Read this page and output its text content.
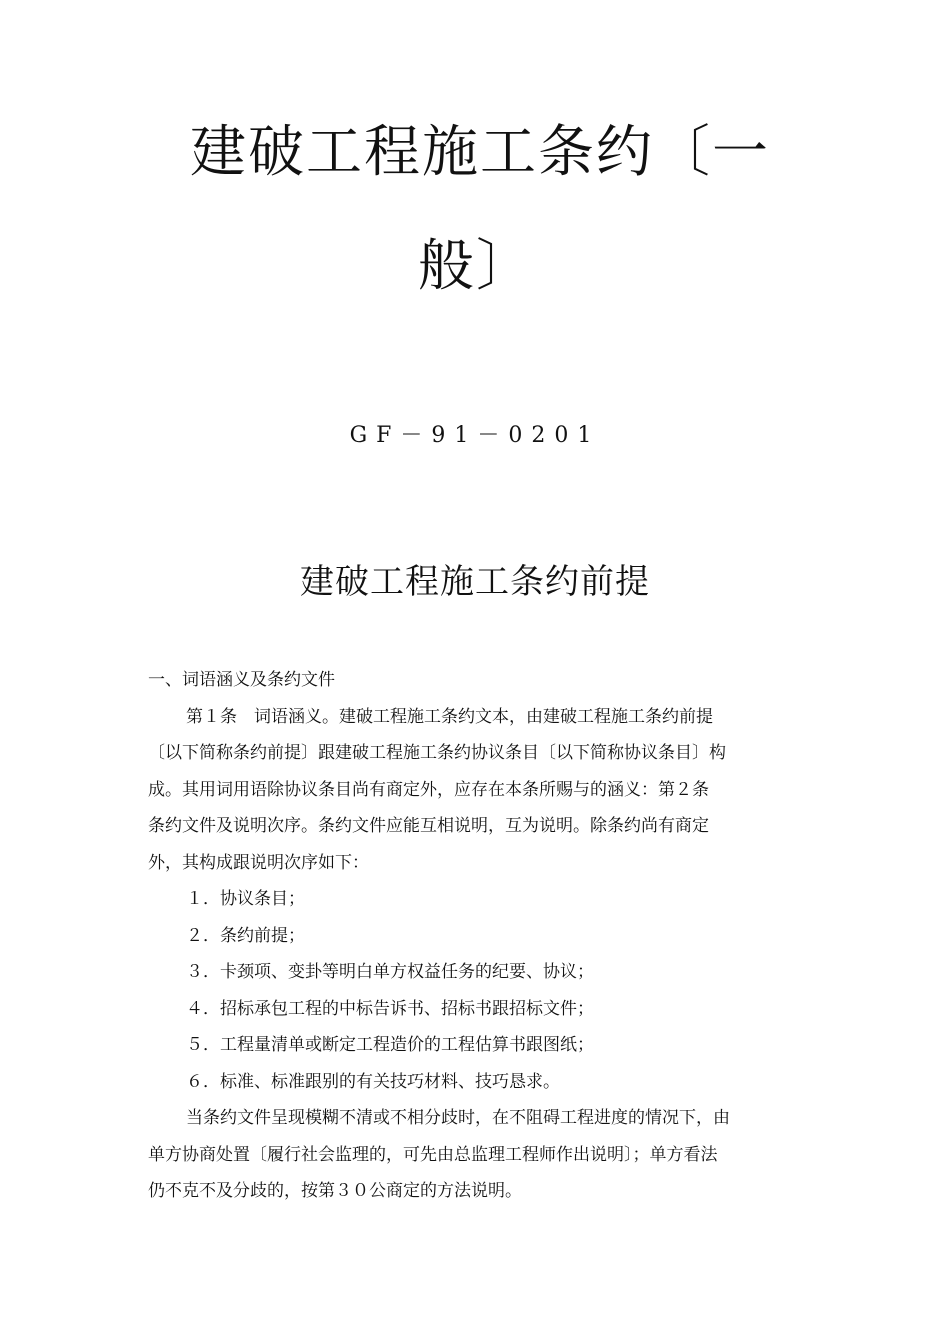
建破工程施工条约〔一
般〕
GF－91－0201
建破工程施工条约前提
一、词语涵义及条约文件
第１条　词语涵义。建破工程施工条约文本，由建破工程施工条约前提
〔以下简称条约前提〕跟建破工程施工条约协议条目〔以下简称协议条目〕构
成。其用词用语除协议条目尚有商定外，应存在本条所赐与的涵义：第２条
条约文件及说明次序。条约文件应能互相说明，互为说明。除条约尚有商定
外，其构成跟说明次序如下：
１．协议条目；
２．条约前提；
３．卡颈项、变卦等明白单方权益任务的纪要、协议；
４．招标承包工程的中标告诉书、招标书跟招标文件；
５．工程量清单或断定工程造价的工程估算书跟图纸；
６．标准、标准跟别的有关技巧材料、技巧恳求。
当条约文件呈现模糊不清或不相分歧时，在不阻碍工程进度的情况下，由
单方协商处置〔履行社会监理的，可先由总监理工程师作出说明〕；单方看法
仍不克不及分歧的，按第３０公商定的方法说明。
